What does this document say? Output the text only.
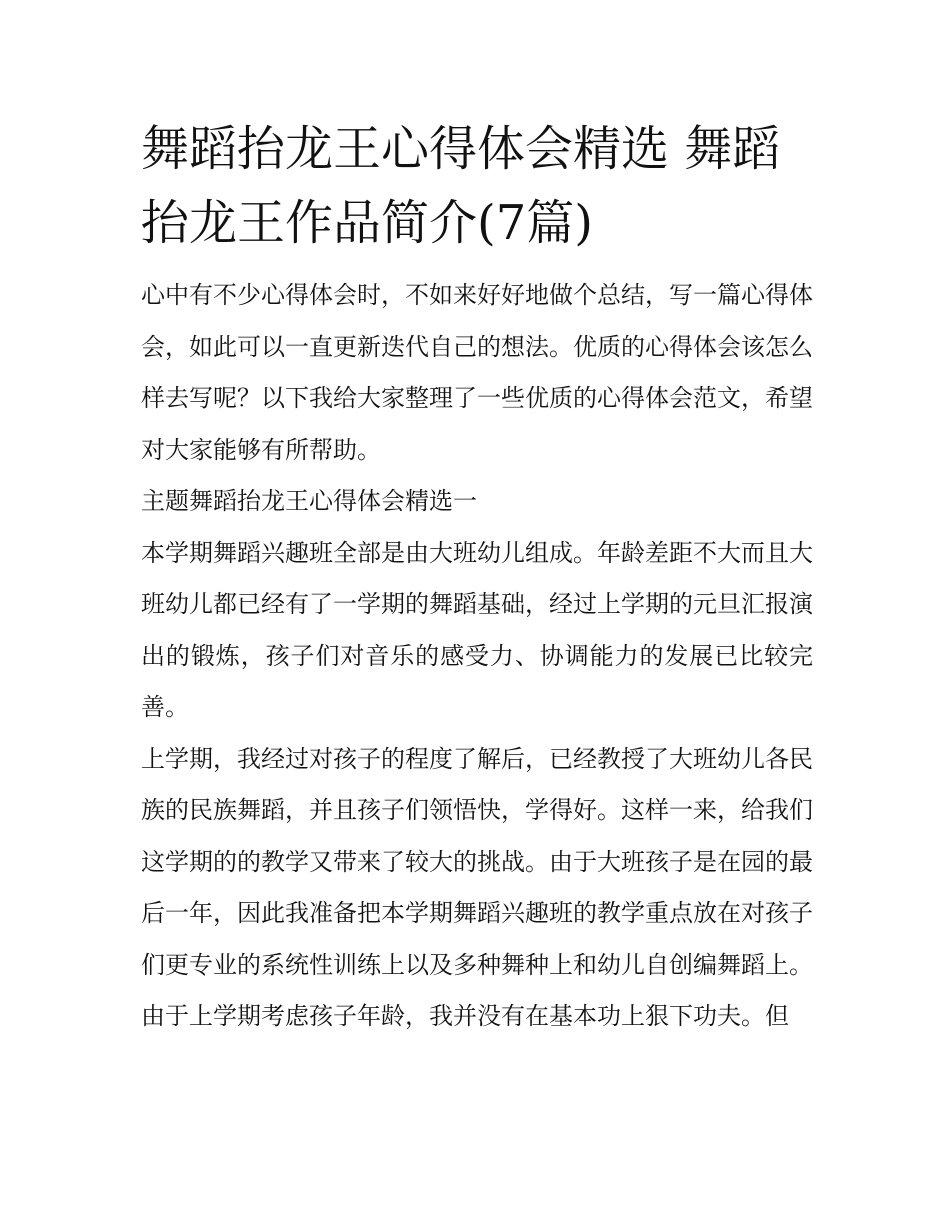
舞蹈抬龙王心得体会精选 舞蹈抬龙王作品简介(7篇)

心中有不少心得体会时，不如来好好地做个总结，写一篇心得体会，如此可以一直更新迭代自己的想法。优质的心得体会该怎么样去写呢？以下我给大家整理了一些优质的心得体会范文，希望对大家能够有所帮助。

主题舞蹈抬龙王心得体会精选一

本学期舞蹈兴趣班全部是由大班幼儿组成。年龄差距不大而且大班幼儿都已经有了一学期的舞蹈基础，经过上学期的元旦汇报演出的锻炼，孩子们对音乐的感受力、协调能力的发展已比较完善。

上学期，我经过对孩子的程度了解后，已经教授了大班幼儿各民族的民族舞蹈，并且孩子们领悟快，学得好。这样一来，给我们这学期的的教学又带来了较大的挑战。由于大班孩子是在园的最后一年，因此我准备把本学期舞蹈兴趣班的教学重点放在对孩子们更专业的系统性训练上以及多种舞种上和幼儿自创编舞蹈上。

由于上学期考虑孩子年龄，我并没有在基本功上狠下功夫。但
